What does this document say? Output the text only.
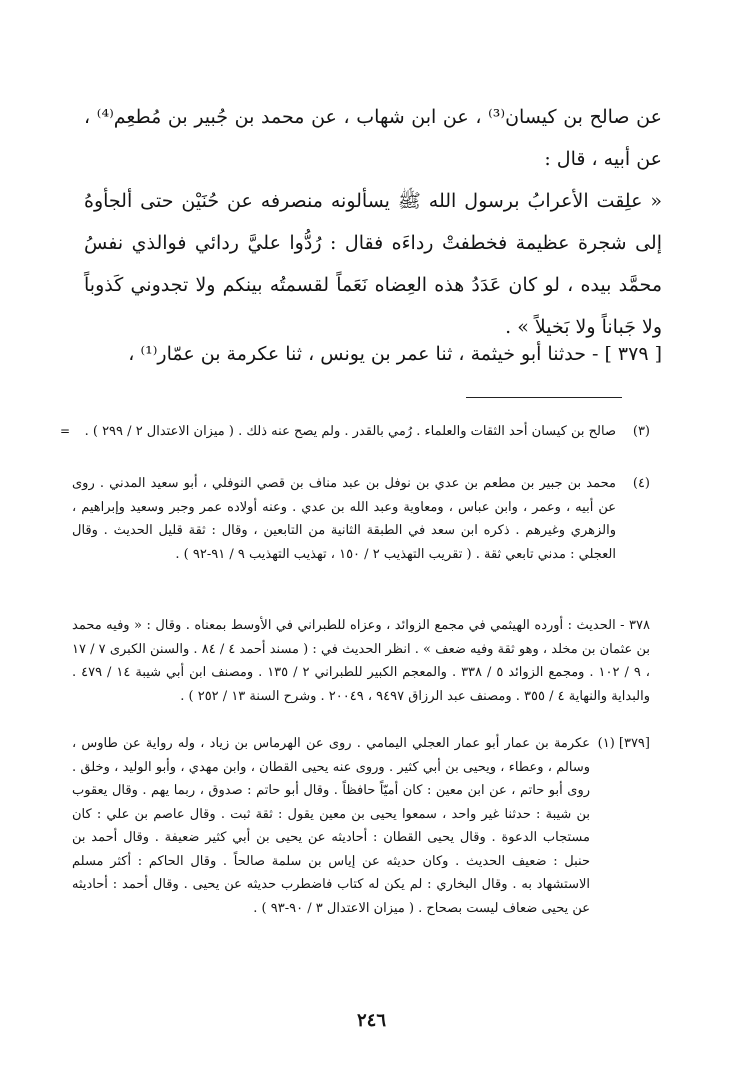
عن صالح بن كيسان⁽³⁾ ، عن ابن شهاب ، عن محمد بن جُبير بن مُطعِم⁽⁴⁾ ، عن أبيه ، قال :

« علِقت الأعرابُ برسول الله ﷺ يسألونه منصرفه عن حُنَيْن حتى ألجأوهُ إلى شجرة عظيمة فخطفتْ رداءَه فقال : رُدُّوا عليَّ ردائي فوالذي نفسُ محمَّد بيده ، لو كان عَدَدُ هذه العِضاه نَعَماً لقسمتُه بينكم ولا تجدوني كَذوباً ولا جَباناً ولا بَخيلاً » .

[ ٣٧٩ ] - حدثنا أبو خيثمة ، ثنا عمر بن يونس ، ثنا عكرمة بن عمّار⁽¹⁾ ،

=	(٣)
صالح بن كيسان أحد الثقات والعلماء . رُمي بالقدر . ولم يصح عنه ذلك . ( ميزان الاعتدال ٢ / ٢٩٩ ) .
(٤)
محمد بن جبير بن مطعم بن عدي بن نوفل بن عبد مناف بن قصي النوفلي ، أبو سعيد المدني . روى عن أبيه ، وعمر ، وابن عباس ، ومعاوية وعبد الله بن عدي . وعنه أولاده عمر وجبر وسعيد وإبراهيم ، والزهري وغيرهم . ذكره ابن سعد في الطبقة الثانية من التابعين ، وقال : ثقة قليل الحديث . وقال العجلي : مدني تابعي ثقة . ( تقريب التهذيب ٢ / ١٥٠ ، تهذيب التهذيب ٩ / ٩١-٩٢ ) .
٣٧٨ - الحديث : أورده الهيثمي في مجمع الزوائد ، وعزاه للطبراني في الأوسط بمعناه . وقال : « وفيه محمد بن عثمان بن مخلد ، وهو ثقة وفيه ضعف » . انظر الحديث في : ( مسند أحمد ٤ / ٨٤ . والسنن الكبرى ٧ / ١٧ ، ٩ / ١٠٢ . ومجمع الزوائد ٥ / ٣٣٨ . والمعجم الكبير للطبراني ٢ / ١٣٥ . ومصنف ابن أبي شيبة ١٤ / ٤٧٩ . والبداية والنهاية ٤ / ٣٥٥ . ومصنف عبد الرزاق ٩٤٩٧ ، ٢٠٠٤٩ . وشرح السنة ١٣ / ٢٥٢ ) .
[٣٧٩] (١)
عكرمة بن عمار أبو عمار العجلي اليمامي . روى عن الهرماس بن زياد ، وله رواية عن طاوس ، وسالم ، وعطاء ، ويحيى بن أبي كثير . وروى عنه يحيى القطان ، وابن مهدي ، وأبو الوليد ، وخلق . روى أبو حاتم ، عن ابن معين : كان أميّاً حافظاً . وقال أبو حاتم : صدوق ، ربما يهم . وقال يعقوب بن شيبة : حدثنا غير واحد ، سمعوا يحيى بن معين يقول : ثقة ثبت . وقال عاصم بن علي : كان مستجاب الدعوة . وقال يحيى القطان : أحاديثه عن يحيى بن أبي كثير ضعيفة . وقال أحمد بن حنبل : ضعيف الحديث . وكان حديثه عن إياس بن سلمة صالحاً . وقال الحاكم : أكثر مسلم الاستشهاد به . وقال البخاري : لم يكن له كتاب فاضطرب حديثه عن يحيى . وقال أحمد : أحاديثه عن يحيى ضعاف ليست بصحاح . ( ميزان الاعتدال ٣ / ٩٠-٩٣ ) .
٢٤٦
